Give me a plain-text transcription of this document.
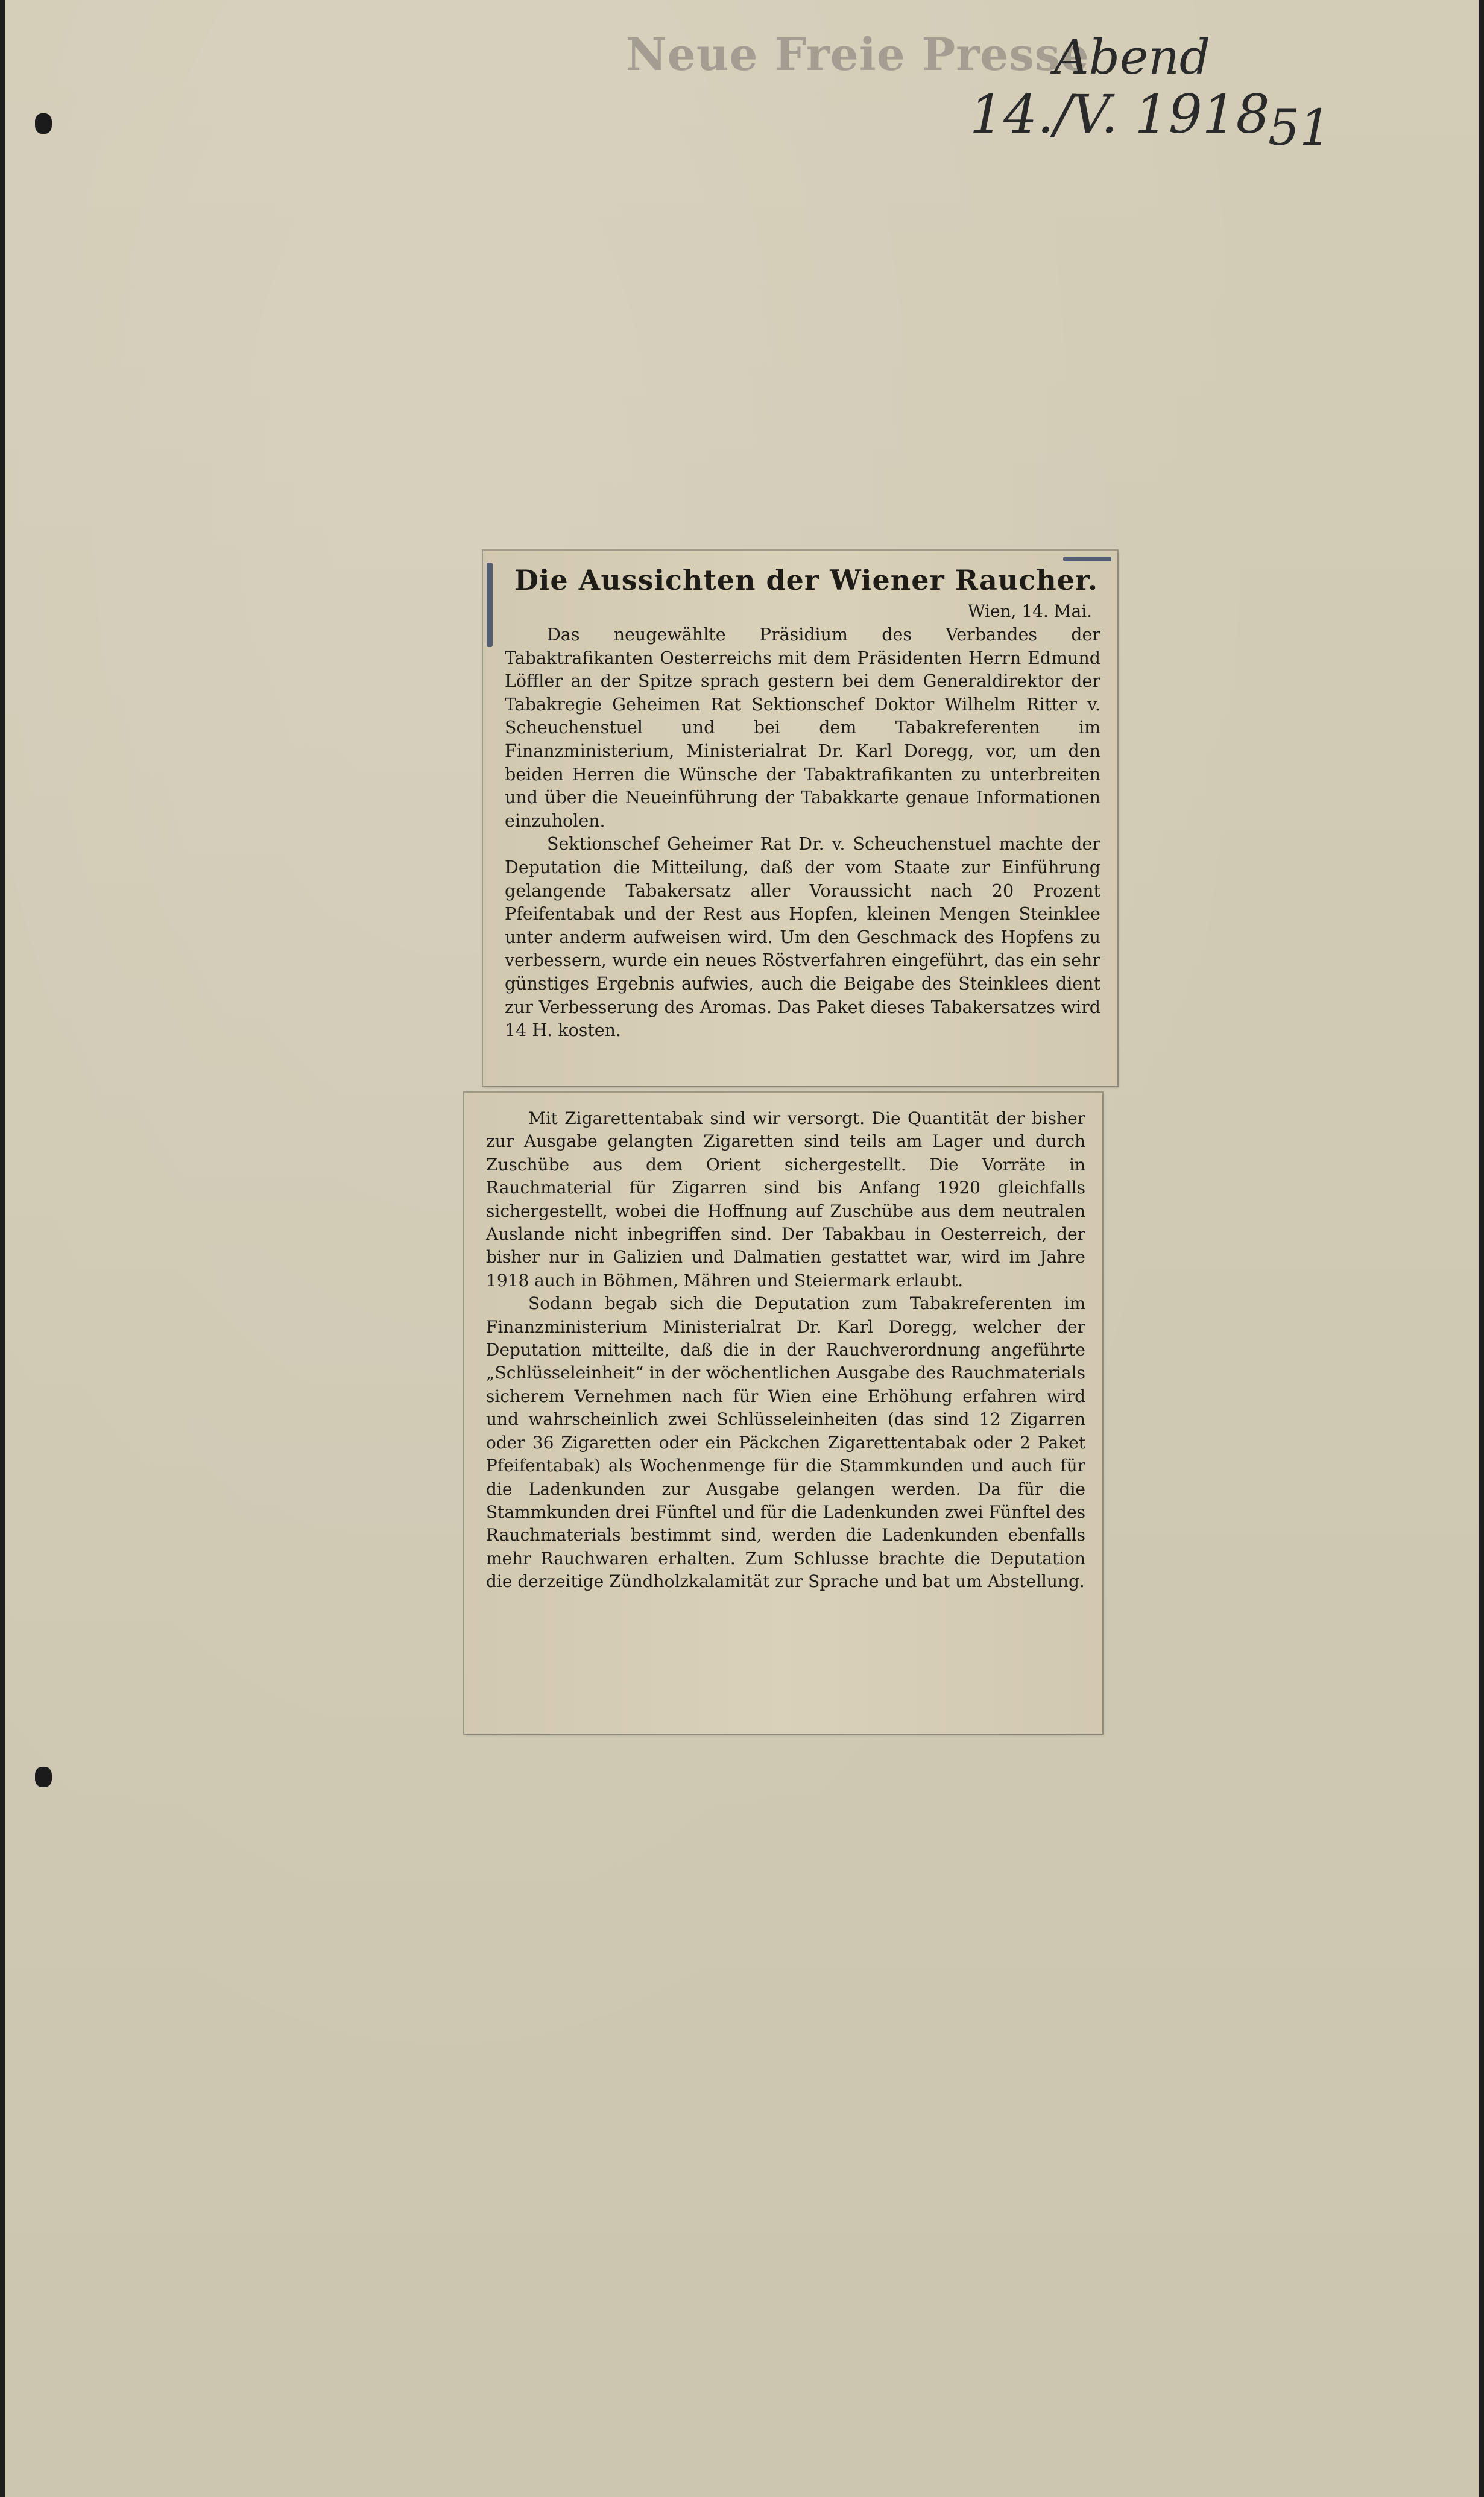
Neue Freie Presse
Abend
14./V. 1918
51
Die Aussichten der Wiener Raucher.
Wien, 14. Mai.

Das neugewählte Präsidium des Verbandes der Tabaktrafikanten Oesterreichs mit dem Präsidenten Herrn Edmund Löffler an der Spitze sprach gestern bei dem Generaldirektor der Tabakregie Geheimen Rat Sektionschef Doktor Wilhelm Ritter v. Scheuchenstuel und bei dem Tabakreferenten im Finanzministerium, Ministerialrat Dr. Karl Doregg, vor, um den beiden Herren die Wünsche der Tabaktrafikanten zu unterbreiten und über die Neueinführung der Tabakkarte genaue Informationen einzuholen.

Sektionschef Geheimer Rat Dr. v. Scheuchenstuel machte der Deputation die Mitteilung, daß der vom Staate zur Einführung gelangende Tabakersatz aller Voraussicht nach 20 Prozent Pfeifentabak und der Rest aus Hopfen, kleinen Mengen Steinklee unter anderm aufweisen wird. Um den Geschmack des Hopfens zu verbessern, wurde ein neues Röstverfahren eingeführt, das ein sehr günstiges Ergebnis aufwies, auch die Beigabe des Steinklees dient zur Verbesserung des Aromas. Das Paket dieses Tabakersatzes wird 14 H. kosten.

Mit Zigarettentabak sind wir versorgt. Die Quantität der bisher zur Ausgabe gelangten Zigaretten sind teils am Lager und durch Zuschübe aus dem Orient sichergestellt. Die Vorräte in Rauchmaterial für Zigarren sind bis Anfang 1920 gleichfalls sichergestellt, wobei die Hoffnung auf Zuschübe aus dem neutralen Auslande nicht inbegriffen sind. Der Tabakbau in Oesterreich, der bisher nur in Galizien und Dalmatien gestattet war, wird im Jahre 1918 auch in Böhmen, Mähren und Steiermark erlaubt.

Sodann begab sich die Deputation zum Tabakreferenten im Finanzministerium Ministerialrat Dr. Karl Doregg, welcher der Deputation mitteilte, daß die in der Rauchverordnung angeführte „Schlüsseleinheit“ in der wöchentlichen Ausgabe des Rauchmaterials sicherem Vernehmen nach für Wien eine Erhöhung erfahren wird und wahrscheinlich zwei Schlüsseleinheiten (das sind 12 Zigarren oder 36 Zigaretten oder ein Päckchen Zigarettentabak oder 2 Paket Pfeifentabak) als Wochenmenge für die Stammkunden und auch für die Ladenkunden zur Ausgabe gelangen werden. Da für die Stammkunden drei Fünftel und für die Ladenkunden zwei Fünftel des Rauchmaterials bestimmt sind, werden die Ladenkunden ebenfalls mehr Rauchwaren erhalten. Zum Schlusse brachte die Deputation die derzeitige Zündholzkalamität zur Sprache und bat um Abstellung.
